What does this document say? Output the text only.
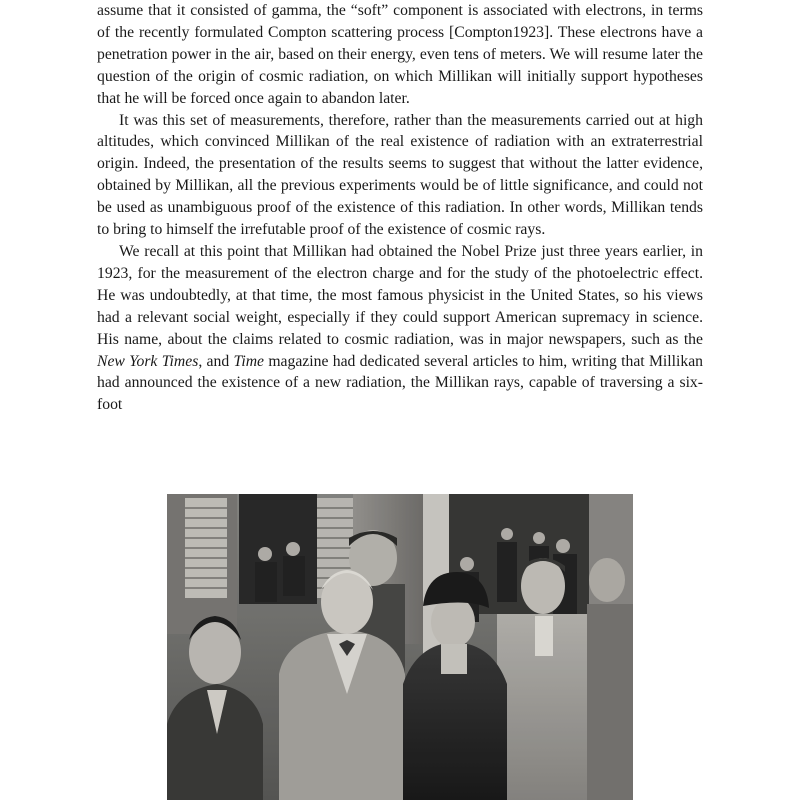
assume that it consisted of gamma, the “soft” component is associated with electrons, in terms of the recently formulated Compton scattering process [Compton1923]. These electrons have a penetration power in the air, based on their energy, even tens of meters. We will resume later the question of the origin of cosmic radiation, on which Millikan will initially support hypotheses that he will be forced once again to abandon later.

It was this set of measurements, therefore, rather than the measurements carried out at high altitudes, which convinced Millikan of the real existence of radiation with an extraterrestrial origin. Indeed, the presentation of the results seems to suggest that without the latter evidence, obtained by Millikan, all the previous experiments would be of little significance, and could not be used as unambiguous proof of the existence of this radiation. In other words, Millikan tends to bring to himself the irrefutable proof of the existence of cosmic rays.

We recall at this point that Millikan had obtained the Nobel Prize just three years earlier, in 1923, for the measurement of the electron charge and for the study of the photoelectric effect. He was undoubtedly, at that time, the most famous physicist in the United States, so his views had a relevant social weight, especially if they could support American supremacy in science. His name, about the claims related to cosmic radiation, was in major newspapers, such as the New York Times, and Time magazine had dedicated several articles to him, writing that Millikan had announced the existence of a new radiation, the Millikan rays, capable of traversing a six-foot
